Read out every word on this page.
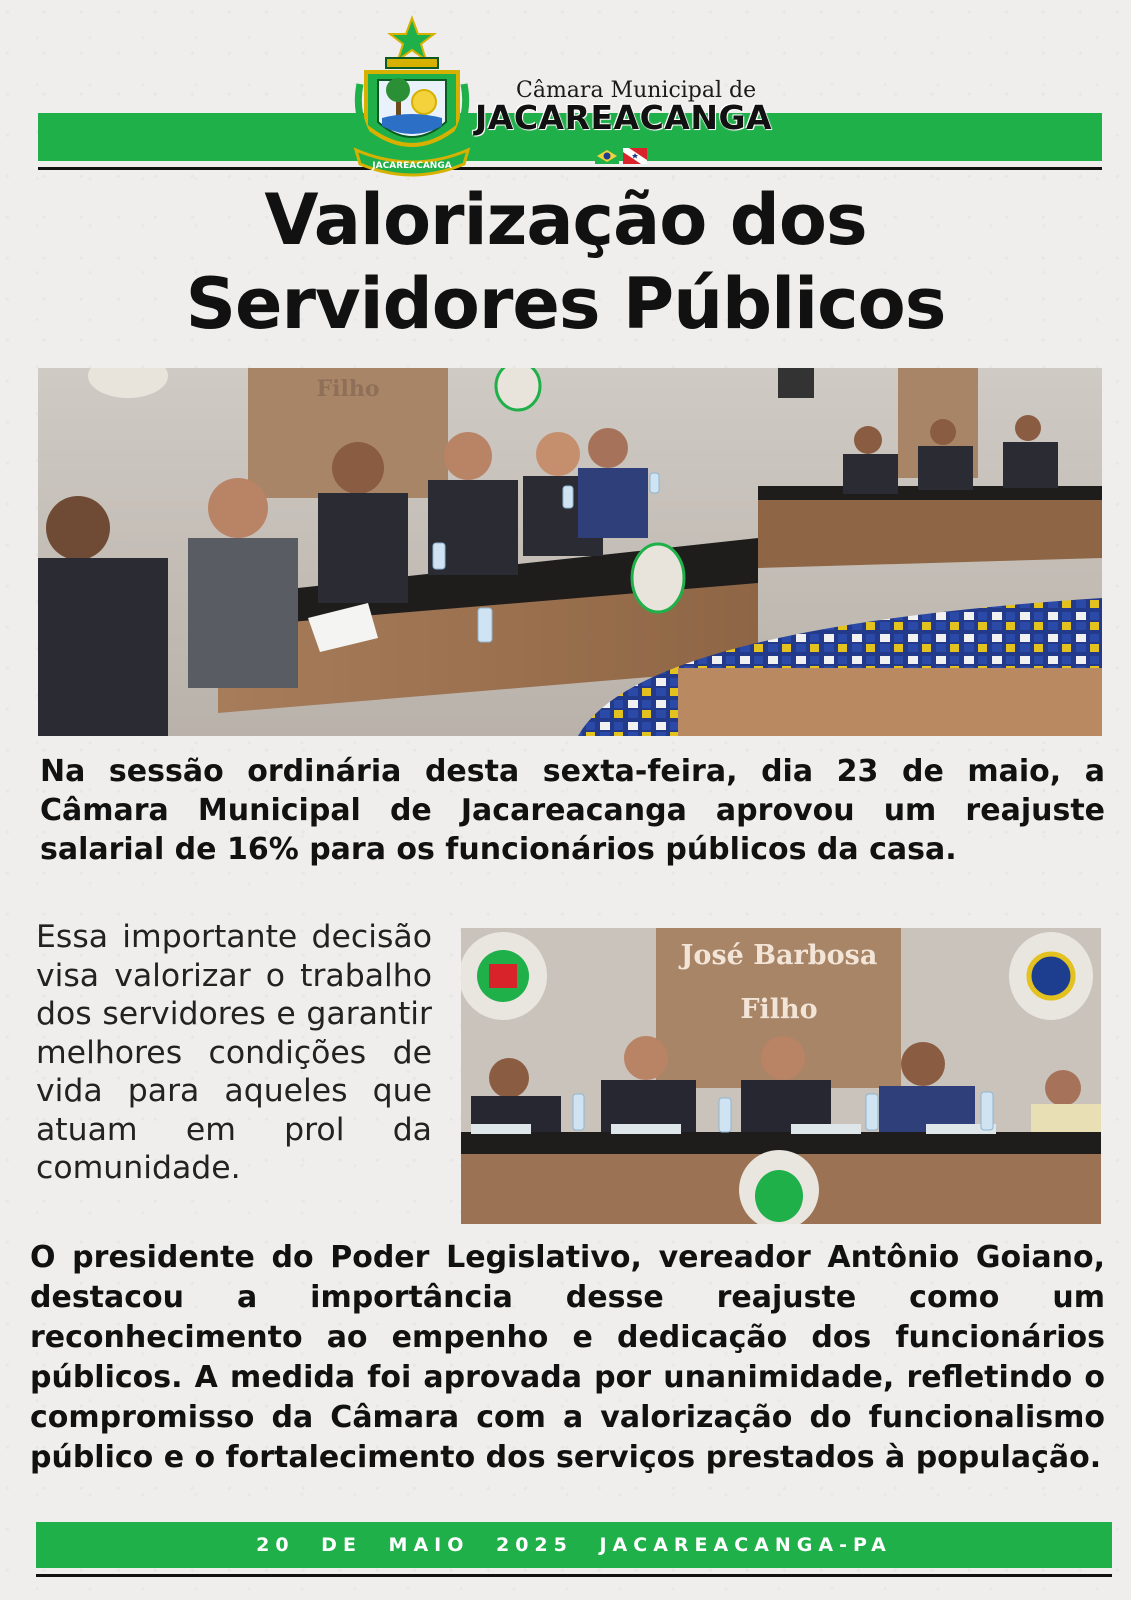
JACAREACANGA
Câmara Municipal de
JACAREACANGA
Valorização dos
Servidores Públicos
Filho
Na sessão ordinária desta sexta-feira, dia 23 de maio, a Câmara Municipal de Jacareacanga aprovou um reajuste salarial de 16% para os funcionários públicos da casa.
Essa importante decisão visa valorizar o trabalho dos servidores e garantir melhores condições de vida para aqueles que atuam em prol da comunidade.
José Barbosa
Filho
O presidente do Poder Legislativo, vereador Antônio Goiano, destacou a importância desse reajuste como um reconhecimento ao empenho e dedicação dos funcionários públicos. A medida foi aprovada por unanimidade, refletindo o compromisso da Câmara com a valorização do funcionalismo público e o fortalecimento dos serviços prestados à população.
20 DE MAIO 2025 JACAREACANGA-PA
